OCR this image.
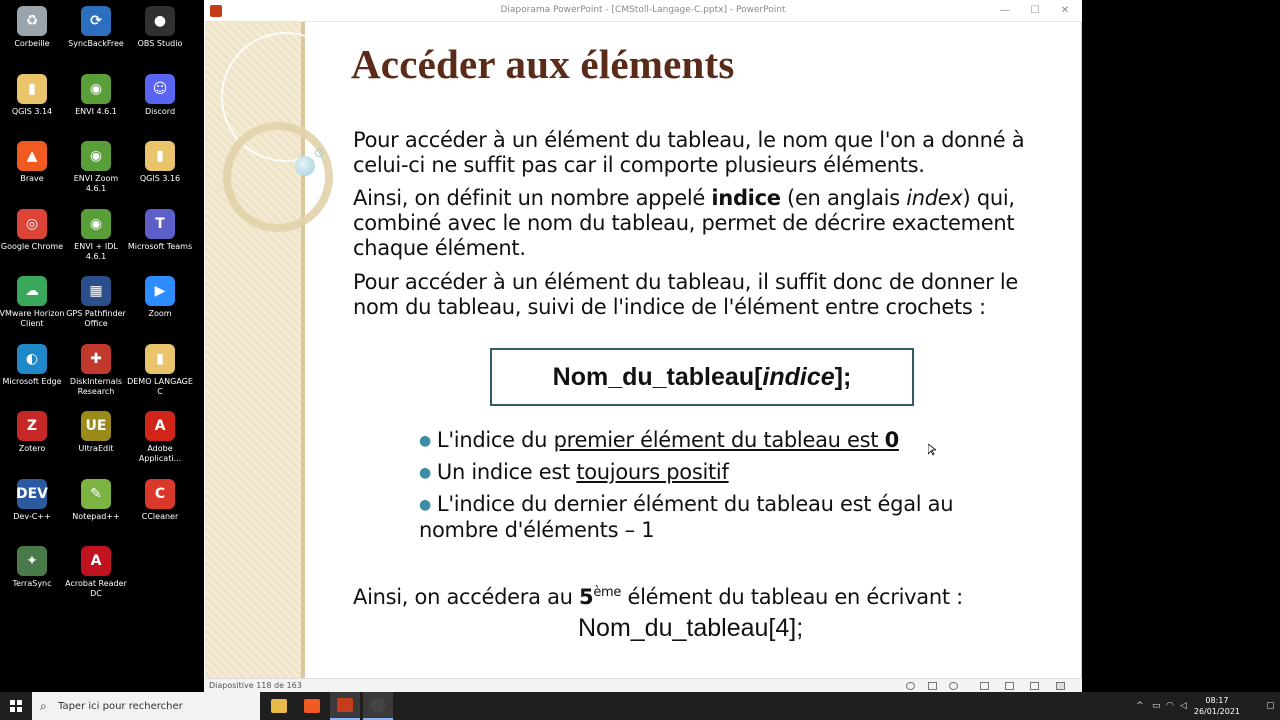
♻
Corbeille
⟳
SyncBackFree
●
OBS Studio
▮
QGIS 3.14
◉
ENVI 4.6.1
☺
Discord
▲
Brave
◉
ENVI Zoom 4.6.1
▮
QGIS 3.16
◎
Google Chrome
◉
ENVI + IDL 4.6.1
T
Microsoft Teams
☁
VMware Horizon Client
▦
GPS Pathfinder Office
▶
Zoom
◐
Microsoft Edge
✚
DiskInternals Research
▮
DEMO LANGAGE C
Z
Zotero
UE
UltraEdit
A
Adobe Applicati...
DEV
Dev-C++
✎
Notepad++
C
CCleaner
✦
TerraSync
A
Acrobat Reader DC
Diaporama PowerPoint - [CMStoll-Langage-C.pptx] - PowerPoint	—	☐	✕
Accéder aux éléments
Pour accéder à un élément du tableau, le nom que l'on a donné à celui-ci ne suffit pas car il comporte plusieurs éléments.
Ainsi, on définit un nombre appelé indice (en anglais index) qui, combiné avec le nom du tableau, permet de décrire exactement chaque élément.
Pour accéder à un élément du tableau, il suffit donc de donner le nom du tableau, suivi de l'indice de l'élément entre crochets :
Nom_du_tableau[ indice ];
● L'indice du premier élément du tableau est 0
● Un indice est toujours positif
● L'indice du dernier élément du tableau est égal au
nombre d'éléments – 1
Ainsi, on accédera au 5ème élément du tableau en écrivant :
Nom_du_tableau[4];
Diapositive 118 de 163
⌕	Taper ici pour rechercher	^ ▭ ◠ ◁
08:17
26/01/2021
▢
